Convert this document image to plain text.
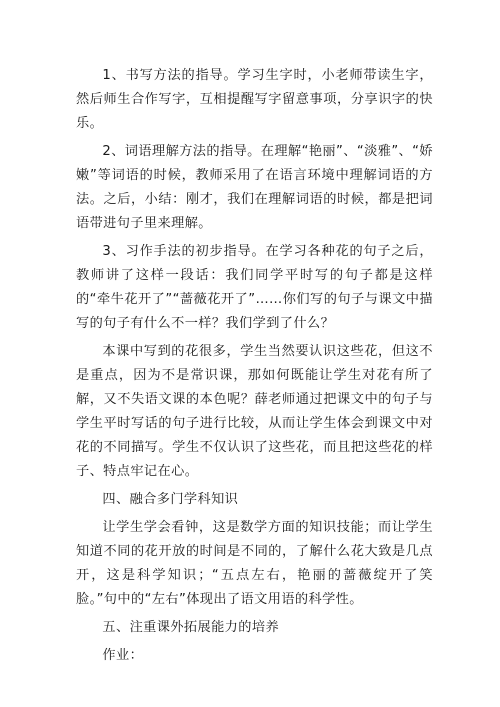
1、书写方法的指导。学习生字时，小老师带读生字，然后师生合作写字，互相提醒写字留意事项，分享识字的快乐。

2、词语理解方法的指导。在理解“艳丽”、“淡雅”、“娇嫩”等词语的时候，教师采用了在语言环境中理解词语的方法。之后，小结：刚才，我们在理解词语的时候，都是把词语带进句子里来理解。

3、习作手法的初步指导。在学习各种花的句子之后，教师讲了这样一段话：我们同学平时写的句子都是这样的“牵牛花开了”“蔷薇花开了”……你们写的句子与课文中描写的句子有什么不一样？我们学到了什么？

本课中写到的花很多，学生当然要认识这些花，但这不是重点，因为不是常识课，那如何既能让学生对花有所了解，又不失语文课的本色呢？薛老师通过把课文中的句子与学生平时写话的句子进行比较，从而让学生体会到课文中对花的不同描写。学生不仅认识了这些花，而且把这些花的样子、特点牢记在心。

四、融合多门学科知识

让学生学会看钟，这是数学方面的知识技能；而让学生知道不同的花开放的时间是不同的，了解什么花大致是几点开，这是科学知识；“五点左右，艳丽的蔷薇绽开了笑脸。”句中的“左右”体现出了语文用语的科学性。

五、注重课外拓展能力的培养

作业：
